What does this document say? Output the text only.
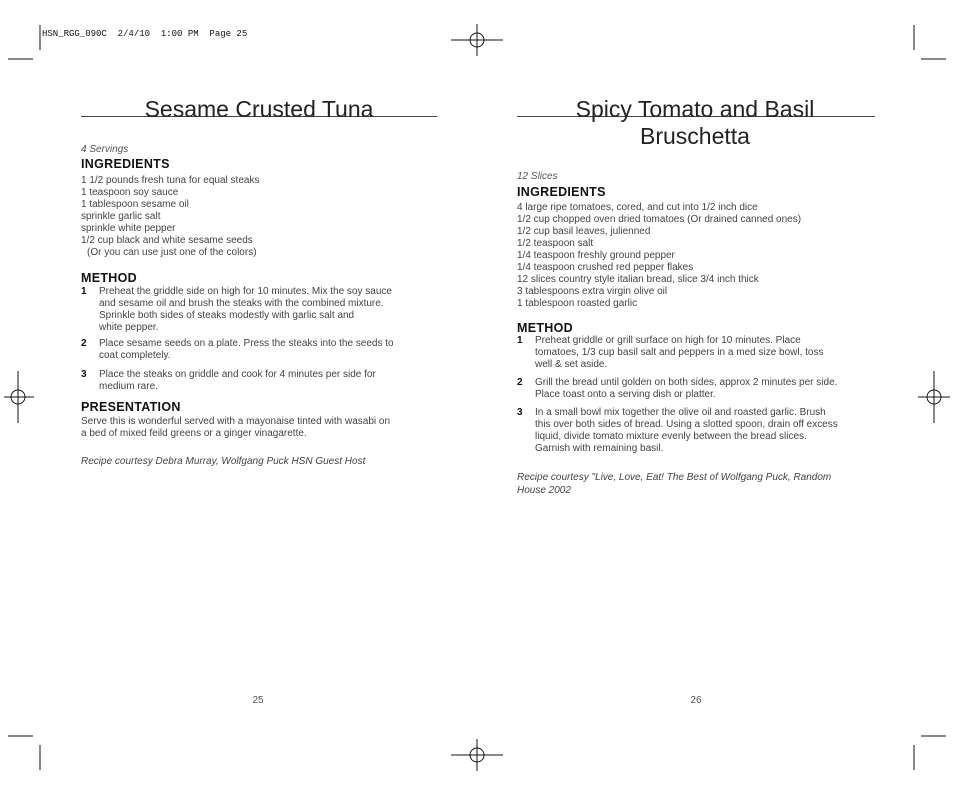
HSN_RGG_090C  2/4/10  1:00 PM  Page 25
Sesame Crusted Tuna
4 Servings
INGREDIENTS
1 1/2 pounds fresh tuna for equal steaks
1 teaspoon soy sauce
1 tablespoon sesame oil
sprinkle garlic salt
sprinkle white pepper
1/2 cup black and white sesame seeds
(Or you can use just one of the colors)
METHOD
1 Preheat the griddle side on high for 10 minutes. Mix the soy sauce
and sesame oil and brush the steaks with the combined mixture.
Sprinkle both sides of steaks modestly with garlic salt and
white pepper.
2 Place sesame seeds on a plate. Press the steaks into the seeds to
coat completely.
3 Place the steaks on griddle and cook for 4 minutes per side for
medium rare.
PRESENTATION
Serve this is wonderful served with a mayonaise tinted with wasabi on
a bed of mixed feild greens or a ginger vinagarette.
Recipe courtesy Debra Murray, Wolfgang Puck HSN Guest Host
25
Spicy Tomato and Basil
Bruschetta
12 Slices
INGREDIENTS
4 large ripe tomatoes, cored, and cut into 1/2 inch dice
1/2 cup chopped oven dried tomatoes (Or drained canned ones)
1/2 cup basil leaves, julienned
1/2 teaspoon salt
1/4 teaspoon freshly ground pepper
1/4 teaspoon crushed red pepper flakes
12 slices country style italian bread, slice 3/4 inch thick
3 tablespoons extra virgin olive oil
1 tablespoon roasted garlic
METHOD
1 Preheat griddle or grill surface on high for 10 minutes. Place
tomatoes, 1/3 cup basil salt and peppers in a med size bowl, toss
well & set aside.
2 Grill the bread until golden on both sides, approx 2 minutes per side.
Place toast onto a serving dish or platter.
3 In a small bowl mix together the olive oil and roasted garlic. Brush
this over both sides of bread. Using a slotted spoon, drain off excess
liquid, divide tomato mixture evenly between the bread slices.
Garnish with remaining basil.
Recipe courtesy "Live, Love, Eat! The Best of Wolfgang Puck, Random
House 2002
26
